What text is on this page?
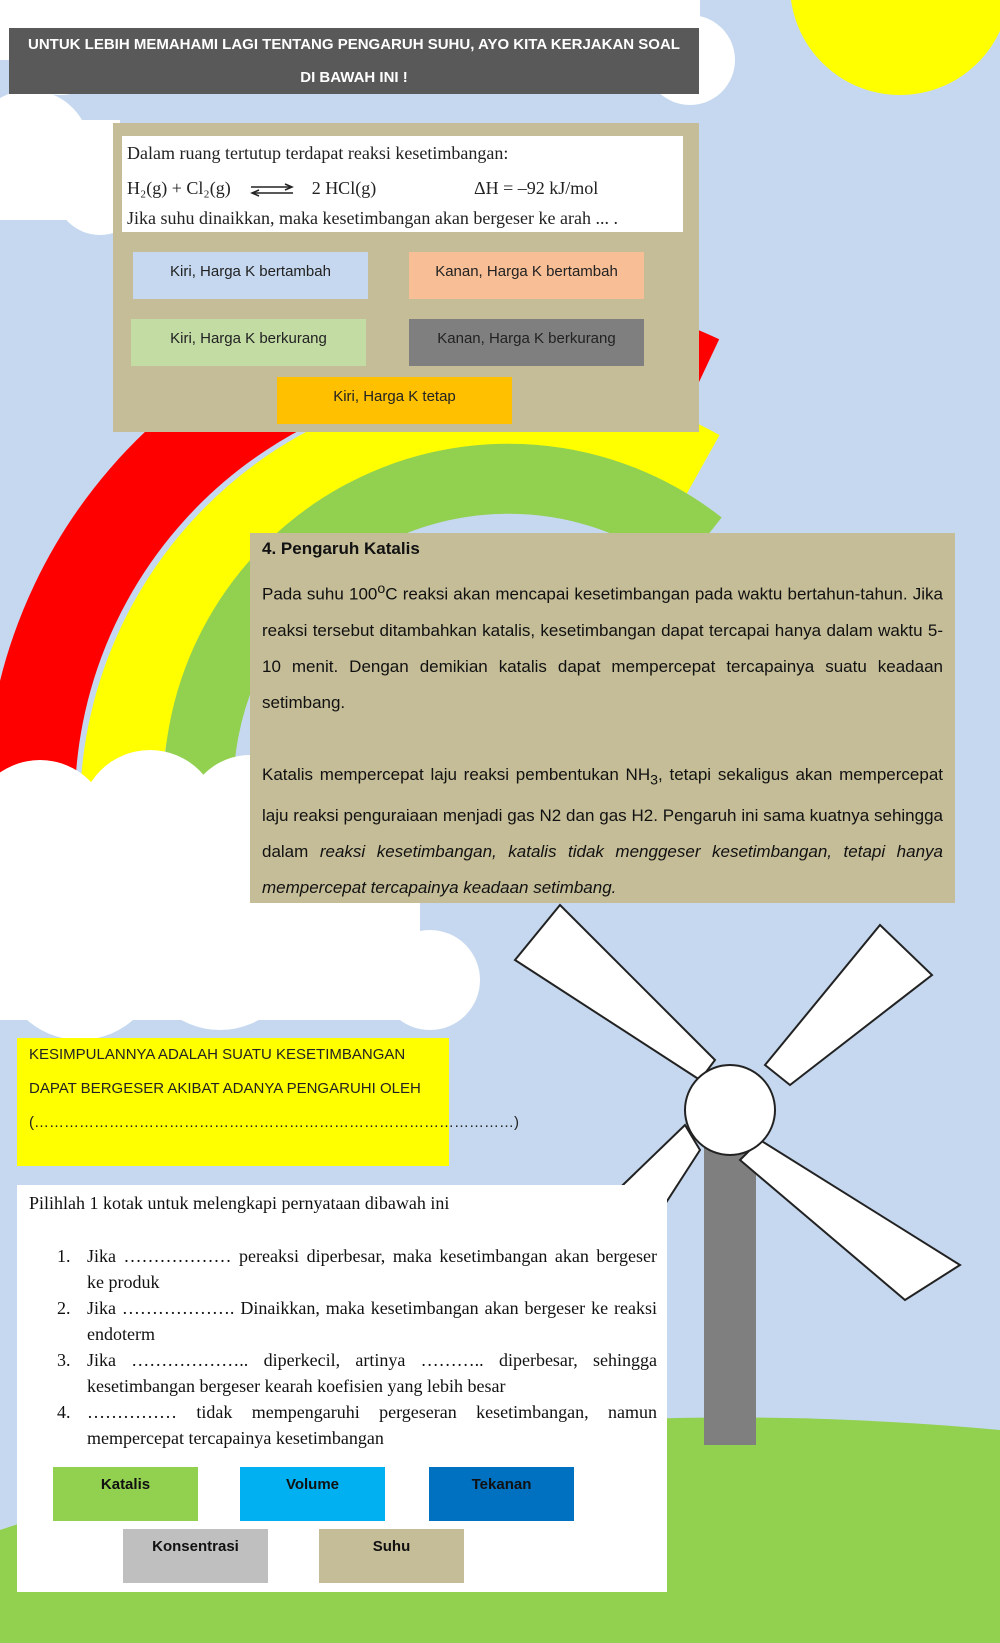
UNTUK LEBIH MEMAHAMI LAGI TENTANG PENGARUH SUHU, AYO KITA KERJAKAN SOAL
DI BAWAH INI !
Dalam ruang tertutup terdapat reaksi kesetimbangan:
H₂(g) + Cl₂(g) ⇌ 2 HCl(g)	ΔH = –92 kJ/mol
Jika suhu dinaikkan, maka kesetimbangan akan bergeser ke arah ... .
Kiri, Harga K bertambah	Kanan, Harga K bertambah
Kiri, Harga K berkurang	Kanan, Harga K berkurang
Kiri, Harga K tetap
4. Pengaruh Katalis

Pada suhu 100$^o$C reaksi akan mencapai kesetimbangan pada waktu bertahun-tahun. Jika reaksi tersebut ditambahkan katalis, kesetimbangan dapat tercapai hanya dalam waktu 5-10 menit. Dengan demikian katalis dapat mempercepat tercapainya suatu keadaan setimbang.

Katalis mempercepat laju reaksi pembentukan $NH_3$, tetapi sekaligus akan mempercepat laju reaksi penguraiaan menjadi gas N2 dan gas H2. Pengaruh ini sama kuatnya sehingga dalam reaksi kesetimbangan, katalis tidak menggeser kesetimbangan, tetapi hanya mempercepat tercapainya keadaan setimbang.

KESIMPULANNYA ADALAH SUATU KESETIMBANGAN
DAPAT BERGESER AKIBAT ADANYA PENGARUHI OLEH
(……………………………………………………………………………………)
Pilihlah 1 kotak untuk melengkapi pernyataan dibawah ini
1. Jika ……………… pereaksi diperbesar, maka kesetimbangan akan bergeser ke produk
2. Jika ………………. Dinaikkan, maka kesetimbangan akan bergeser ke reaksi endoterm
3. Jika ……………….. diperkecil, artinya ……….. diperbesar, sehingga kesetimbangan bergeser kearah koefisien yang lebih besar
4. …………… tidak mempengaruhi pergeseran kesetimbangan, namun mempercepat tercapainya kesetimbangan
Katalis	Volume	Tekanan
Konsentrasi	Suhu
